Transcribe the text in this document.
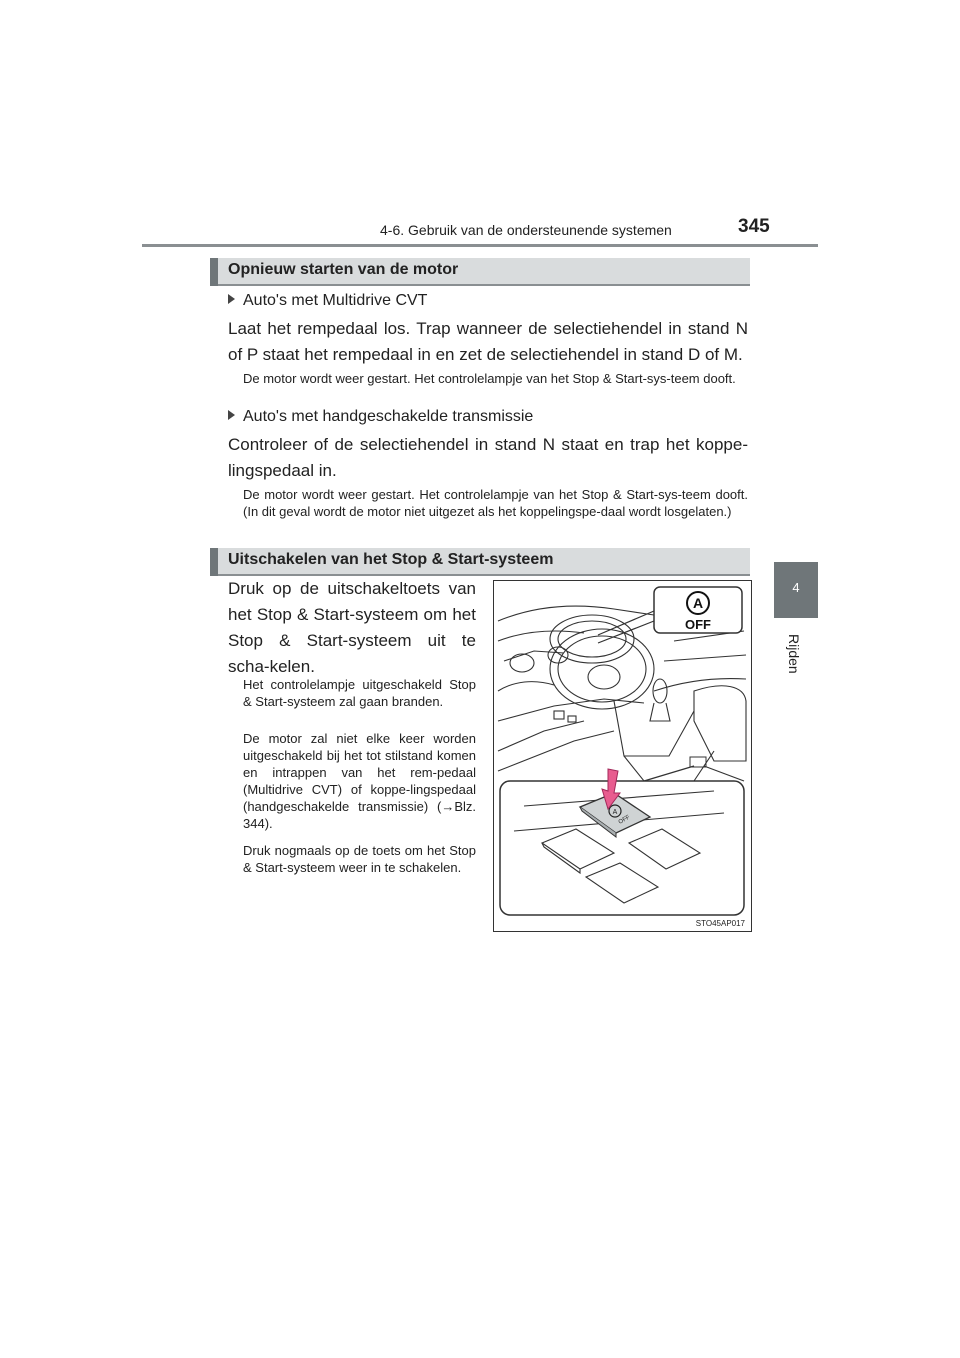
4-6. Gebruik van de ondersteunende systemen	345
4
Rijden
Opnieuw starten van de motor
Auto's met Multidrive CVT
Laat het rempedaal los. Trap wanneer de selectiehendel in stand N of P staat het rempedaal in en zet de selectiehendel in stand D of M.
De motor wordt weer gestart. Het controlelampje van het Stop & Start-sys-teem dooft.
Auto's met handgeschakelde transmissie
Controleer of de selectiehendel in stand N staat en trap het koppe-lingspedaal in.
De motor wordt weer gestart. Het controlelampje van het Stop & Start-sys-teem dooft. (In dit geval wordt de motor niet uitgezet als het koppelingspe-daal wordt losgelaten.)
Uitschakelen van het Stop & Start-systeem
Druk op de uitschakeltoets van het Stop & Start-systeem om het Stop & Start-systeem uit te scha-kelen.
Het controlelampje uitgeschakeld Stop & Start-systeem zal gaan branden.
De motor zal niet elke keer worden uitgeschakeld bij het tot stilstand komen en intrappen van het rem-pedaal (Multidrive CVT) of koppe-lingspedaal (handgeschakelde transmissie) (→Blz. 344).
Druk nogmaals op de toets om het Stop & Start-systeem weer in te schakelen.
A
OFF
A
OFF
STO45AP017
